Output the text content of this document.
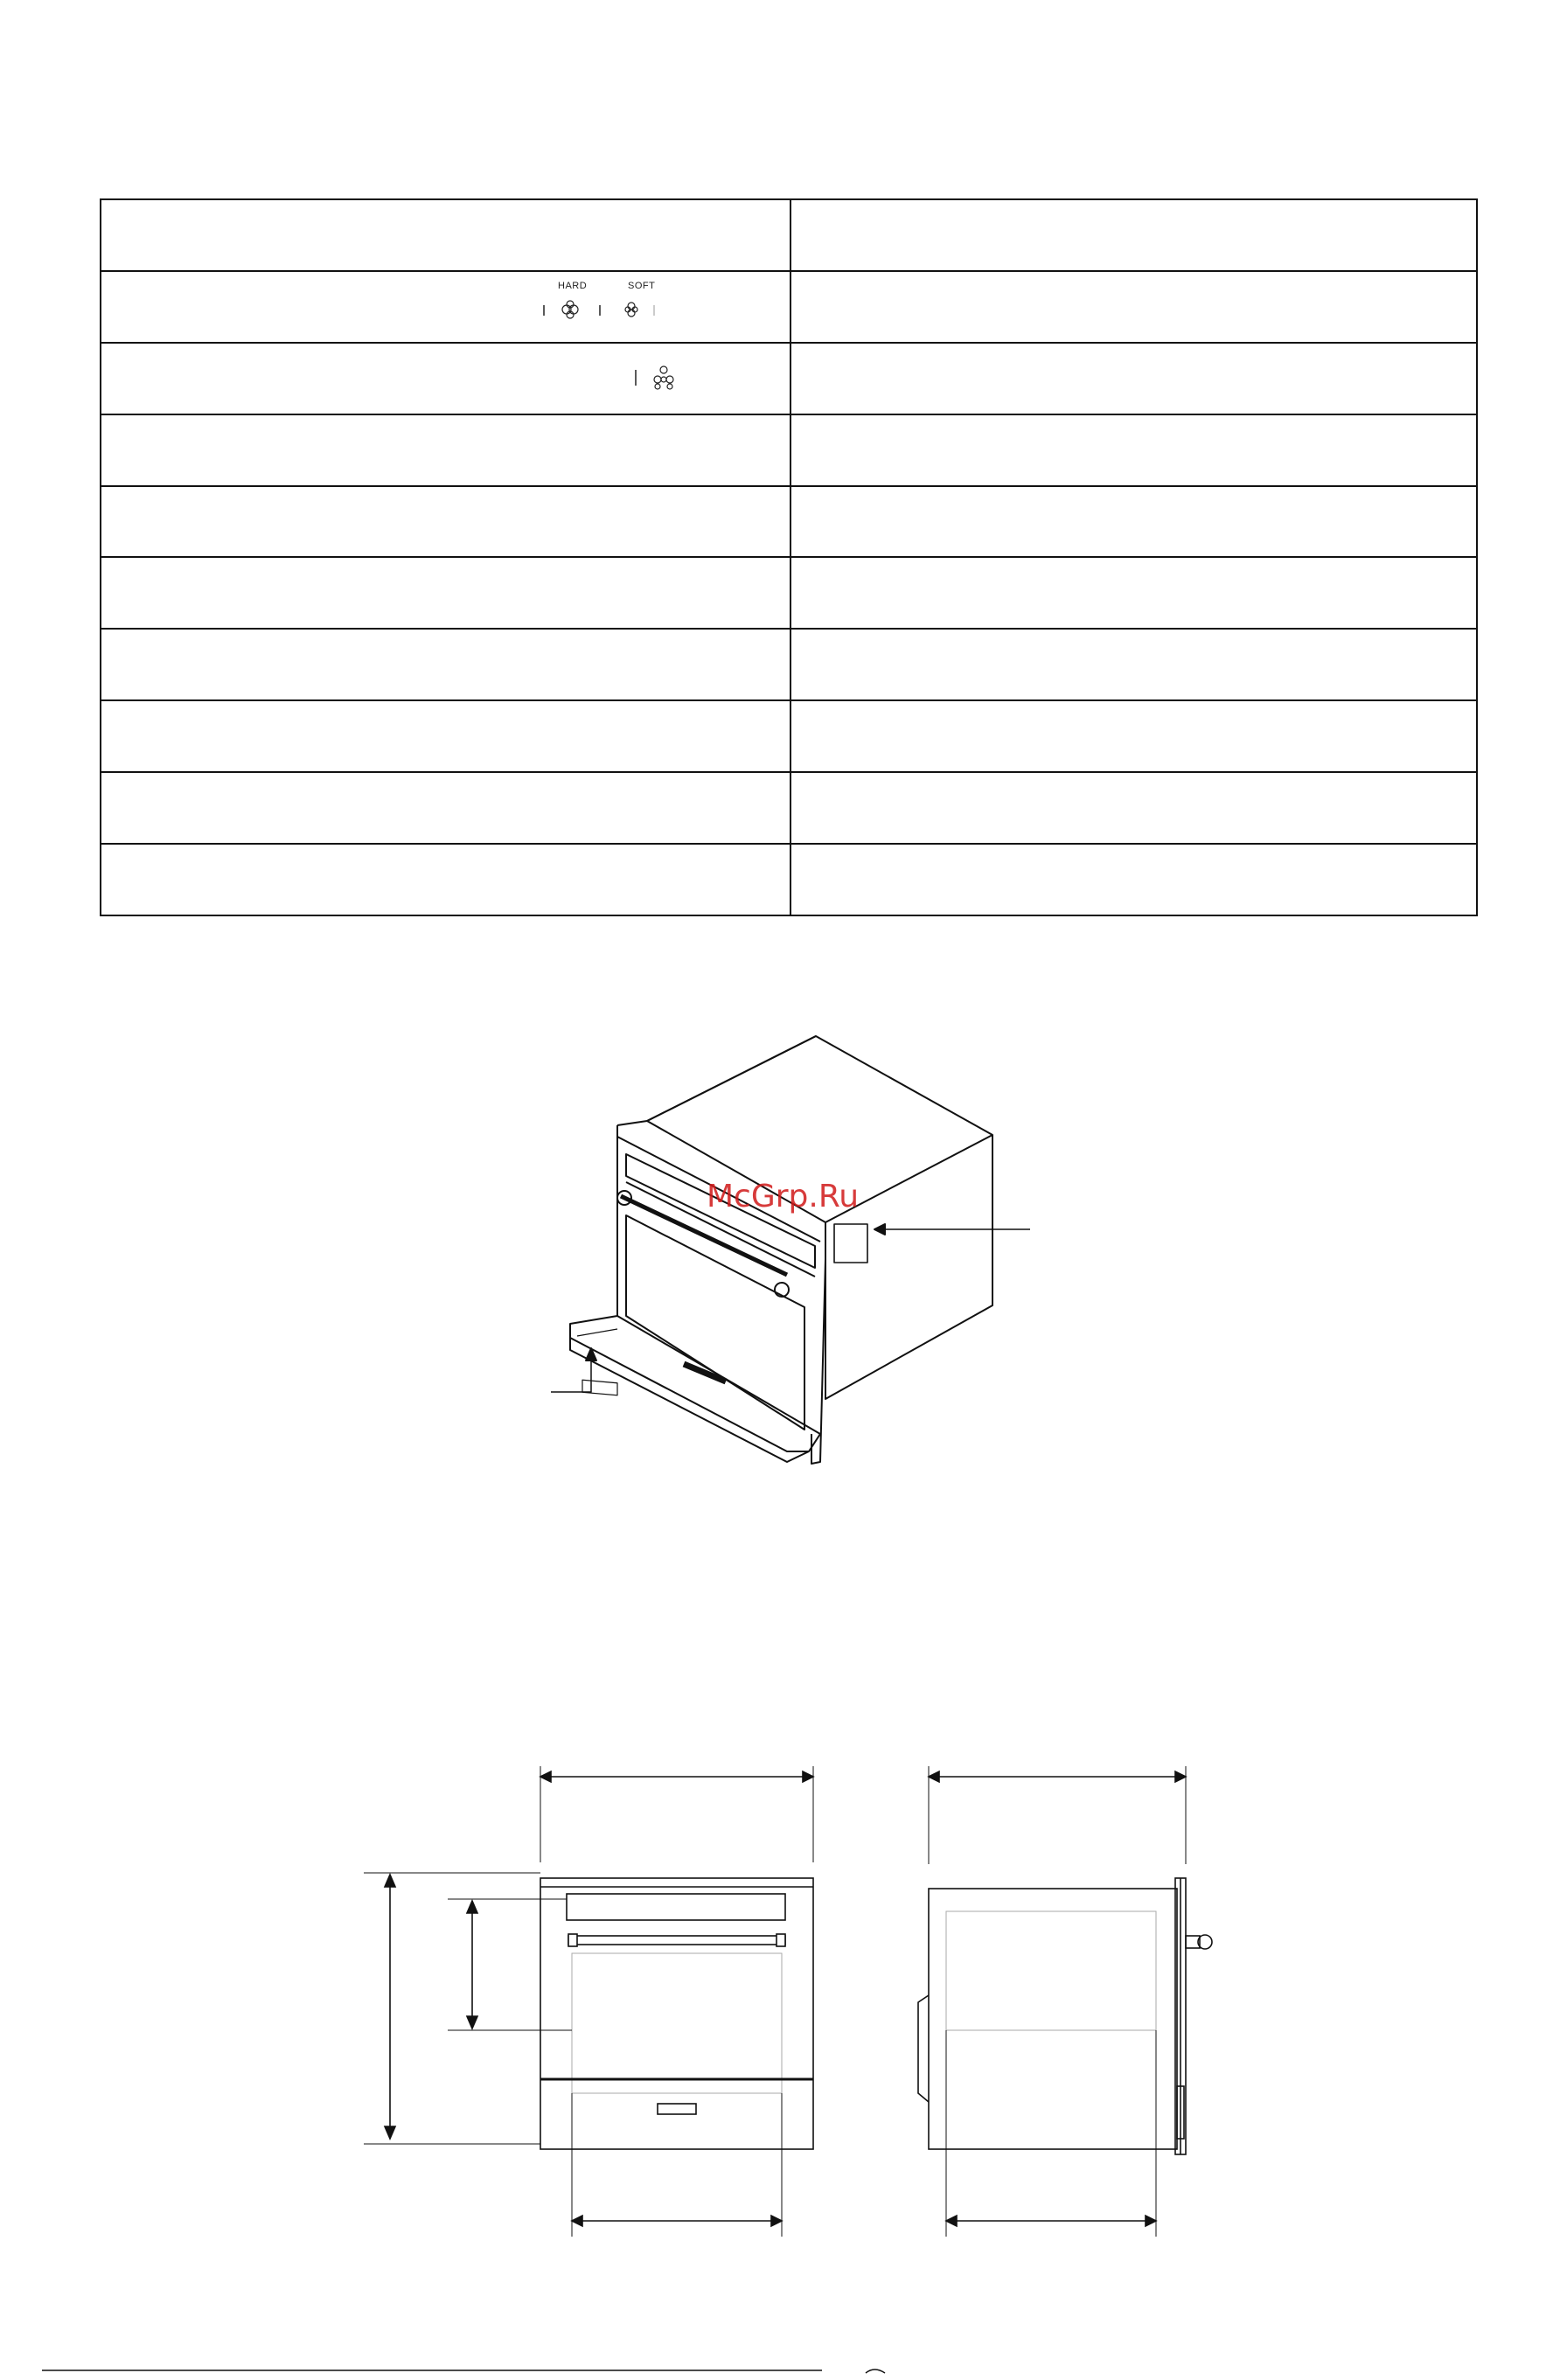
HARD SOFT	

McGrp.Ru
